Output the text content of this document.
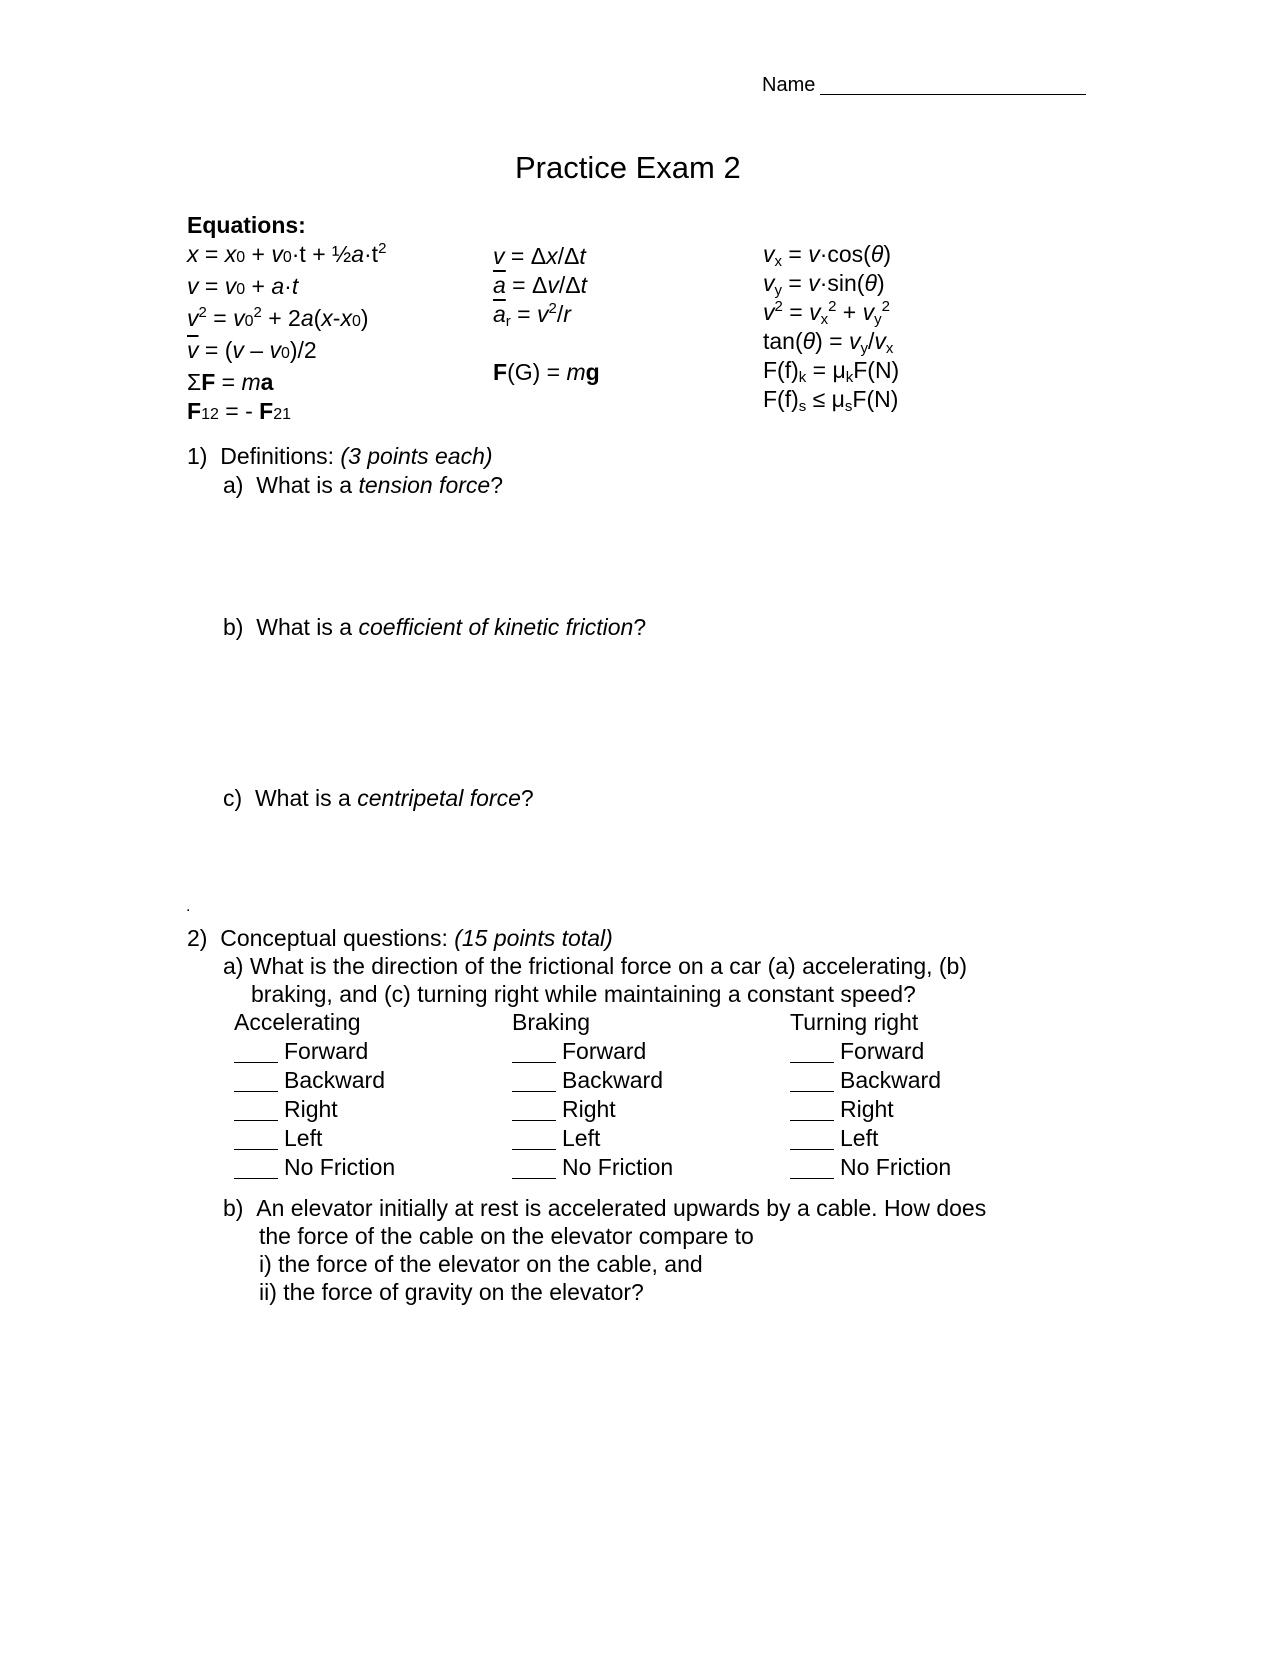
Name
Practice Exam 2
Equations:
$x = x0 + v0\cdot t + \frac{1}{2}a\cdot t^2$
v = v0 + a·t
$v^2 = v0^2 + 2a(x-x0)$
$\overline{v} = (v - v0)/2$
ΣF = ma
F12 = - F21
v = Δx/Δt
$\overline{a} = \Delta v/\Delta t$
$\overline{a}_r = v^2/r$

F(G) = mg
$v_x = v\cdot\cos(\theta)$
$v_y = v\cdot\sin(\theta)$
$v^2 = v_x^2 + v_y^2$
$\tan(\theta) = v_y/v_x$
$F(f)_k = \mu_kF(N)$
$F(f)_s \le \mu_sF(N)$
1) Definitions: (3 points each)
a) What is a tension force?
b) What is a coefficient of kinetic friction?
c) What is a centripetal force?
.
2) Conceptual questions: (15 points total)
a) What is the direction of the frictional force on a car (a) accelerating, (b)
braking, and (c) turning right while maintaining a constant speed?
Accelerating
Forward
Backward
Right
Left
No Friction
Braking
Forward
Backward
Right
Left
No Friction
Turning right
Forward
Backward
Right
Left
No Friction
b) An elevator initially at rest is accelerated upwards by a cable. How does
the force of the cable on the elevator compare to
i) the force of the elevator on the cable, and
ii) the force of gravity on the elevator?
